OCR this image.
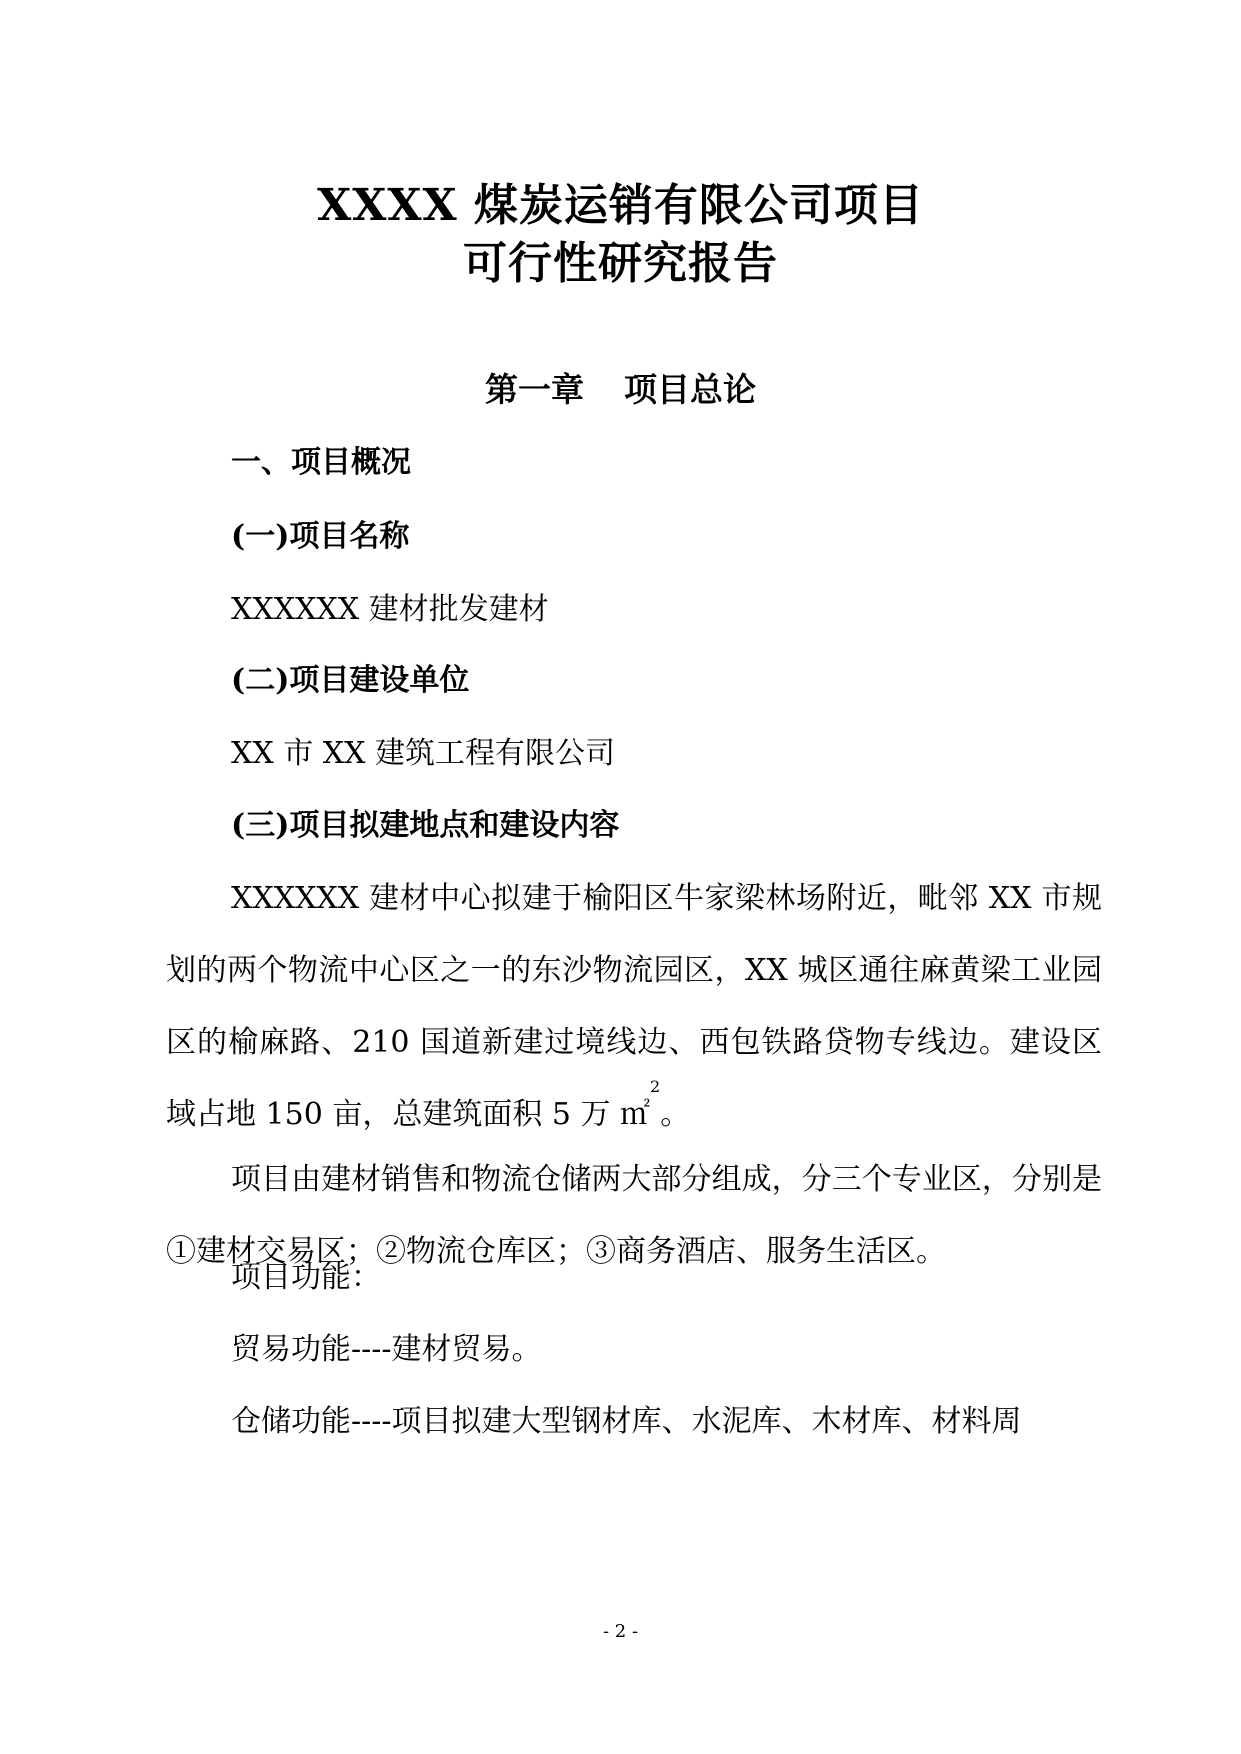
XXXX 煤炭运销有限公司项目
可行性研究报告
第一章 项目总论
一、项目概况
(一)项目名称

XXXXXX 建材批发建材

(二)项目建设单位

XX 市 XX 建筑工程有限公司

(三)项目拟建地点和建设内容

XXXXXX 建材中心拟建于榆阳区牛家梁林场附近，毗邻 XX 市规划的两个物流中心区之一的东沙物流园区，XX 城区通往麻黄梁工业园区的榆麻路、210 国道新建过境线边、西包铁路贷物专线边。建设区域占地 150 亩，总建筑面积 5 万 ㎡$^2$。

项目由建材销售和物流仓储两大部分组成，分三个专业区，分别是①建材交易区；②物流仓库区；③商务酒店、服务生活区。

项目功能：

贸易功能----建材贸易。

仓储功能----项目拟建大型钢材库、水泥库、木材库、材料周

- 2 -
